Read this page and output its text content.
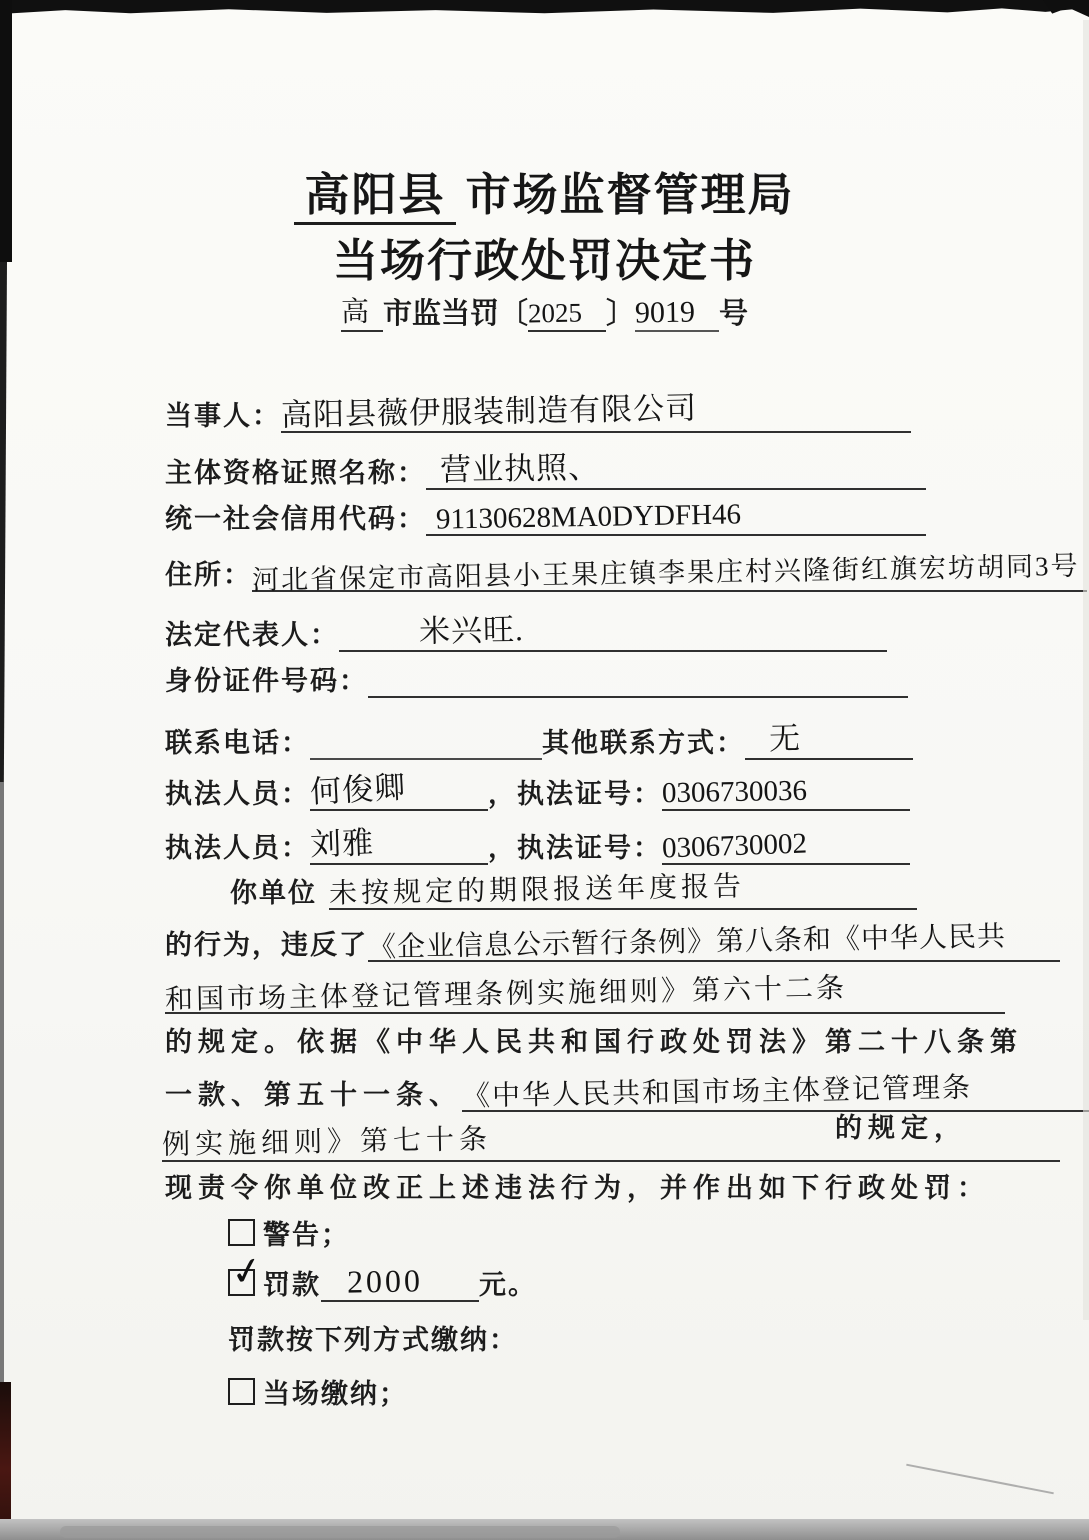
高阳县 市场监督管理局
当场行政处罚决定书
高 市监当罚〔2025 〕9019 号
当事人：高阳县薇伊服装制造有限公司
主体资格证照名称： 营业执照、
统一社会信用代码： 91130628MA0DYDFH46
住所：河北省保定市高阳县小王果庄镇李果庄村兴隆街红旗宏坊胡同3号
法定代表人：	米兴旺.
身份证件号码：
联系电话：	其他联系方式： 无
执法人员：何俊卿	，执法证号：0306730036
执法人员：刘雅	，执法证号：0306730002
你单位 未按规定的期限报送年度报告
的行为，违反了《企业信息公示暂行条例》第八条和《中华人民共
和国市场主体登记管理条例实施细则》第六十二条
的规定。依据《中华人民共和国行政处罚法》第二十八条第
一款、第五十一条、《中华人民共和国市场主体登记管理条
的规定，
例实施细则》第七十条
现责令你单位改正上述违法行为，并作出如下行政处罚：
警告；
✓
罚款 2000 元。
罚款按下列方式缴纳：
当场缴纳；
